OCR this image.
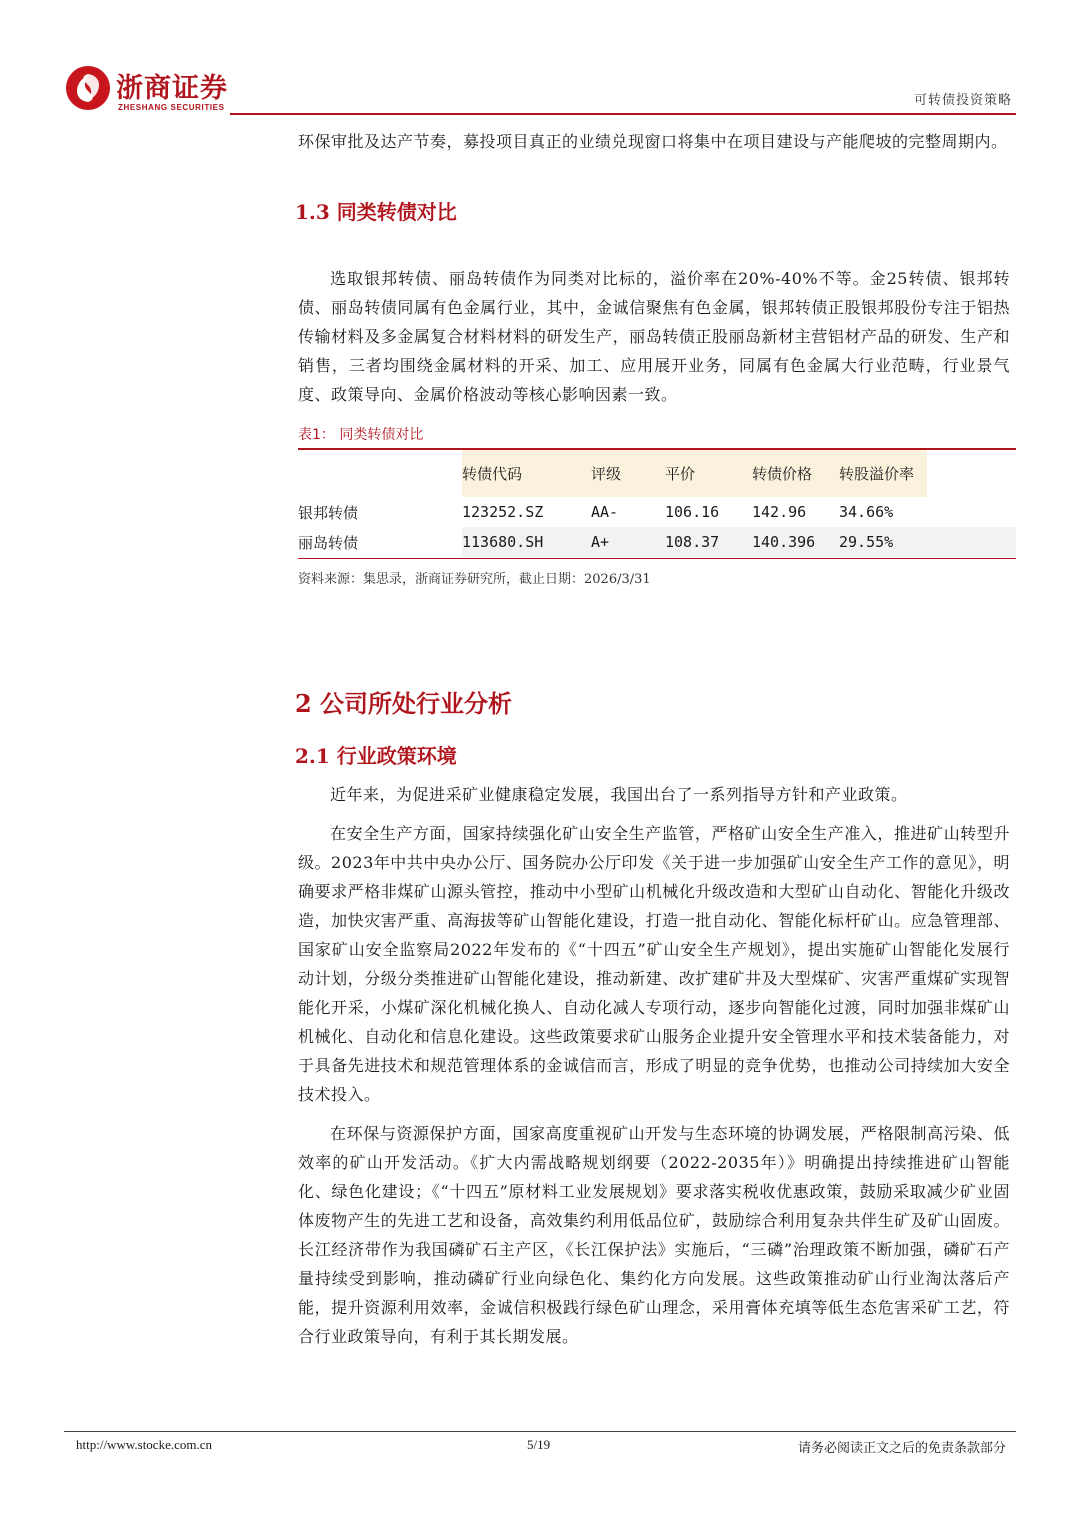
浙商证券
ZHESHANG SECURITIES	可转债投资策略

环保审批及达产节奏，募投项目真正的业绩兑现窗口将集中在项目建设与产能爬坡的完整周期内。

1.3 同类转债对比

选取银邦转债、丽岛转债作为同类对比标的，溢价率在20%-40%不等。金25转债、银邦转债、丽岛转债同属有色金属行业，其中，金诚信聚焦有色金属，银邦转债正股银邦股份专注于铝热传输材料及多金属复合材料材料的研发生产，丽岛转债正股丽岛新材主营铝材产品的研发、生产和销售，三者均围绕金属材料的开采、加工、应用展开业务，同属有色金属大行业范畴，行业景气度、政策导向、金属价格波动等核心影响因素一致。

表1： 同类转债对比
	转债代码	评级	平价	转债价格	转股溢价率	
银邦转债	123252.SZ	AA-	106.16	142.96	34.66%	
丽岛转债	113680.SH	A+	108.37	140.396	29.55%	
资料来源：集思录，浙商证券研究所，截止日期：2026/3/31
2 公司所处行业分析
2.1 行业政策环境

近年来，为促进采矿业健康稳定发展，我国出台了一系列指导方针和产业政策。

在安全生产方面，国家持续强化矿山安全生产监管，严格矿山安全生产准入，推进矿山转型升级。2023年中共中央办公厅、国务院办公厅印发《关于进一步加强矿山安全生产工作的意见》，明确要求严格非煤矿山源头管控，推动中小型矿山机械化升级改造和大型矿山自动化、智能化升级改造，加快灾害严重、高海拔等矿山智能化建设，打造一批自动化、智能化标杆矿山。应急管理部、国家矿山安全监察局2022年发布的《“十四五”矿山安全生产规划》，提出实施矿山智能化发展行动计划，分级分类推进矿山智能化建设，推动新建、改扩建矿井及大型煤矿、灾害严重煤矿实现智能化开采，小煤矿深化机械化换人、自动化减人专项行动，逐步向智能化过渡，同时加强非煤矿山机械化、自动化和信息化建设。这些政策要求矿山服务企业提升安全管理水平和技术装备能力，对于具备先进技术和规范管理体系的金诚信而言，形成了明显的竞争优势，也推动公司持续加大安全技术投入。

在环保与资源保护方面，国家高度重视矿山开发与生态环境的协调发展，严格限制高污染、低效率的矿山开发活动。《扩大内需战略规划纲要（2022-2035年）》明确提出持续推进矿山智能化、绿色化建设；《“十四五”原材料工业发展规划》要求落实税收优惠政策，鼓励采取减少矿业固体废物产生的先进工艺和设备，高效集约利用低品位矿，鼓励综合利用复杂共伴生矿及矿山固废。长江经济带作为我国磷矿石主产区，《长江保护法》实施后，“三磷”治理政策不断加强，磷矿石产量持续受到影响，推动磷矿行业向绿色化、集约化方向发展。这些政策推动矿山行业淘汰落后产能，提升资源利用效率，金诚信积极践行绿色矿山理念，采用膏体充填等低生态危害采矿工艺，符合行业政策导向，有利于其长期发展。

http://www.stocke.com.cn	5/19	请务必阅读正文之后的免责条款部分
